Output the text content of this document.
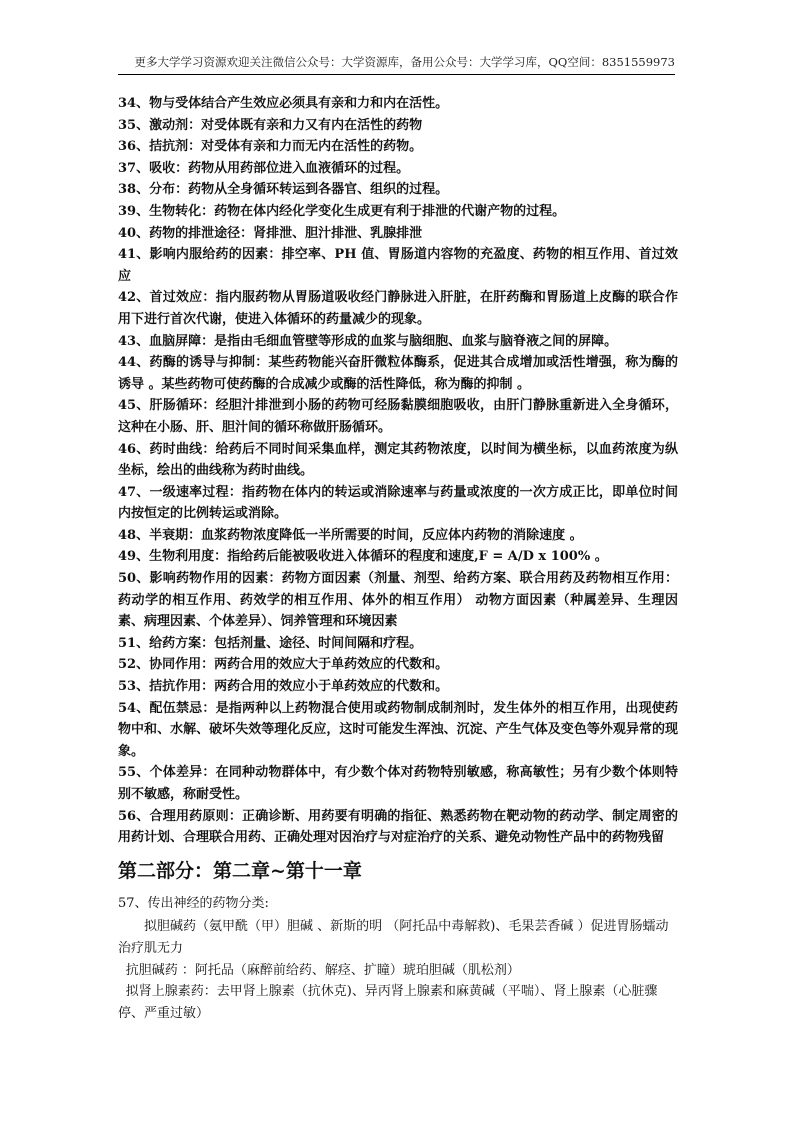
更多大学学习资源欢迎关注微信公众号：大学资源库，备用公众号：大学学习库，QQ空间：8351559973

34、物与受体结合产生效应必须具有亲和力和内在活性。

35、激动剂：对受体既有亲和力又有内在活性的药物

36、拮抗剂：对受体有亲和力而无内在活性的药物。

37、吸收：药物从用药部位进入血液循环的过程。

38、分布：药物从全身循环转运到各器官、组织的过程。

39、生物转化：药物在体内经化学变化生成更有利于排泄的代谢产物的过程。

40、药物的排泄途径：肾排泄、胆汁排泄、乳腺排泄

41、影响内服给药的因素：排空率、PH 值、胃肠道内容物的充盈度、药物的相互作用、首过效应

42、首过效应：指内服药物从胃肠道吸收经门静脉进入肝脏，在肝药酶和胃肠道上皮酶的联合作用下进行首次代谢，使进入体循环的药量减少的现象。

43、血脑屏障：是指由毛细血管壁等形成的血浆与脑细胞、血浆与脑脊液之间的屏障。

44、药酶的诱导与抑制：某些药物能兴奋肝微粒体酶系，促进其合成增加或活性增强，称为酶的诱导 。某些药物可使药酶的合成减少或酶的活性降低，称为酶的抑制 。

45、肝肠循环：经胆汁排泄到小肠的药物可经肠黏膜细胞吸收，由肝门静脉重新进入全身循环，这种在小肠、肝、胆汁间的循环称做肝肠循环。

46、药时曲线：给药后不同时间采集血样，测定其药物浓度，以时间为横坐标，以血药浓度为纵坐标，绘出的曲线称为药时曲线。

47、一级速率过程：指药物在体内的转运或消除速率与药量或浓度的一次方成正比，即单位时间内按恒定的比例转运或消除。

48、半衰期：血浆药物浓度降低一半所需要的时间，反应体内药物的消除速度 。

49、生物利用度：指给药后能被吸收进入体循环的程度和速度,F = A/D x 100% 。

50、影响药物作用的因素：药物方面因素（剂量、剂型、给药方案、联合用药及药物相互作用：药动学的相互作用、药效学的相互作用、体外的相互作用） 动物方面因素（种属差异、生理因素、病理因素、个体差异）、饲养管理和环境因素

51、给药方案：包括剂量、途径、时间间隔和疗程。

52、协同作用：两药合用的效应大于单药效应的代数和。

53、拮抗作用：两药合用的效应小于单药效应的代数和。

54、配伍禁忌：是指两种以上药物混合使用或药物制成制剂时，发生体外的相互作用，出现使药物中和、水解、破坏失效等理化反应，这时可能发生浑浊、沉淀、产生气体及变色等外观异常的现象。

55、个体差异：在同种动物群体中，有少数个体对药物特别敏感，称高敏性；另有少数个体则特别不敏感，称耐受性。

56、合理用药原则：正确诊断、用药要有明确的指征、熟悉药物在靶动物的药动学、制定周密的用药计划、合理联合用药、正确处理对因治疗与对症治疗的关系、避免动物性产品中的药物残留

第二部分：第二章~第十一章

57、传出神经的药物分类:

拟胆碱药（氨甲酰（甲）胆碱 、新斯的明 （阿托品中毒解救)、毛果芸香碱 ）促进胃肠蠕动 治疗肌无力

抗胆碱药 ：阿托品（麻醉前给药、解痉、扩瞳）琥珀胆碱（肌松剂）

拟肾上腺素药：去甲肾上腺素（抗休克)、异丙肾上腺素和麻黄碱（平喘）、肾上腺素（心脏骤停、严重过敏）
